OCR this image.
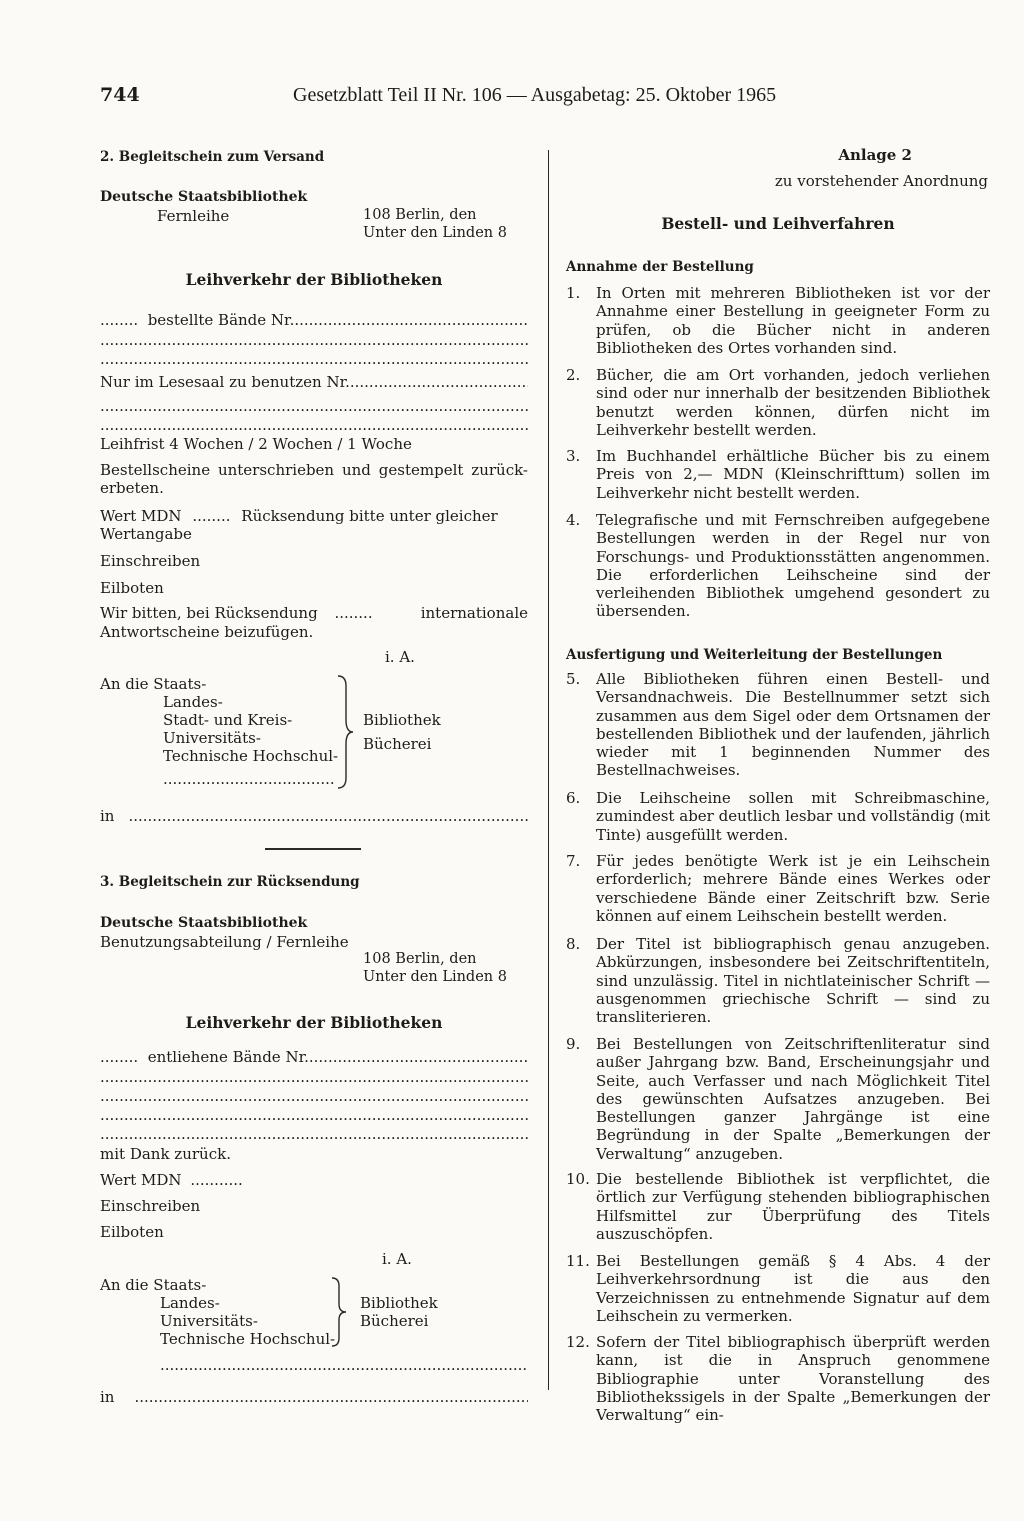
744	Gesetzblatt Teil II Nr. 106 — Ausgabetag: 25. Oktober 1965
2. Begleitschein zum Versand
Deutsche Staatsbibliothek
Fernleihe	108 Berlin, den
Unter den Linden 8
Leihverkehr der Bibliotheken
........
bestellte Bände Nr.
.....
.....
.....
Nur im Lesesaal zu benutzen Nr.
.....
.....
.....
Leihfrist 4 Wochen / 2 Wochen / 1 Woche
Bestellscheine unterschrieben und gestempelt zurück-erbeten.
Wert MDN ........ Rücksendung bitte unter gleicher Wertangabe
Einschreiben
Eilboten
Wir bitten, bei Rücksendung ........	internationale
Antwortscheine beizufügen.
i. A.
An die Staats-
Landes-
Stadt- und Kreis-
Universitäts-
Technische Hochschul-
.....
Bibliothek
Bücherei
in
.....
3. Begleitschein zur Rücksendung
Deutsche Staatsbibliothek
Benutzungsabteilung / Fernleihe
108 Berlin, den
Unter den Linden 8
Leihverkehr der Bibliotheken
........
entliehene Bände Nr.
.....
.....
.....
.....
.....
mit Dank zurück.
Wert MDN ...........
Einschreiben
Eilboten
i. A.
An die Staats-
Landes-
Universitäts-
Technische Hochschul-
Bibliothek
Bücherei
.....
in
.....
Anlage 2
zu vorstehender Anordnung
Bestell- und Leihverfahren
Annahme der Bestellung
1. In Orten mit mehreren Bibliotheken ist vor der Annahme einer Bestellung in geeigneter Form zu prüfen, ob die Bücher nicht in anderen Bibliotheken des Ortes vorhanden sind.
2. Bücher, die am Ort vorhanden, jedoch verliehen sind oder nur innerhalb der besitzenden Bibliothek benutzt werden können, dürfen nicht im Leihverkehr bestellt werden.
3. Im Buchhandel erhältliche Bücher bis zu einem Preis von 2,— MDN (Kleinschrifttum) sollen im Leihverkehr nicht bestellt werden.
4. Telegrafische und mit Fernschreiben aufgegebene Bestellungen werden in der Regel nur von Forschungs- und Produktionsstätten angenommen. Die erforderlichen Leihscheine sind der verleihenden Bibliothek umgehend gesondert zu übersenden.
Ausfertigung und Weiterleitung der Bestellungen
5. Alle Bibliotheken führen einen Bestell- und Versandnachweis. Die Bestellnummer setzt sich zusammen aus dem Sigel oder dem Ortsnamen der bestellenden Bibliothek und der laufenden, jährlich wieder mit 1 beginnenden Nummer des Bestellnachweises.
6. Die Leihscheine sollen mit Schreibmaschine, zumindest aber deutlich lesbar und vollständig (mit Tinte) ausgefüllt werden.
7. Für jedes benötigte Werk ist je ein Leihschein erforderlich; mehrere Bände eines Werkes oder verschiedene Bände einer Zeitschrift bzw. Serie können auf einem Leihschein bestellt werden.
8. Der Titel ist bibliographisch genau anzugeben. Abkürzungen, insbesondere bei Zeitschriftentiteln, sind unzulässig. Titel in nichtlateinischer Schrift — ausgenommen griechische Schrift — sind zu transliterieren.
9. Bei Bestellungen von Zeitschriftenliteratur sind außer Jahrgang bzw. Band, Erscheinungsjahr und Seite, auch Verfasser und nach Möglichkeit Titel des gewünschten Aufsatzes anzugeben. Bei Bestellungen ganzer Jahrgänge ist eine Begründung in der Spalte „Bemerkungen der Verwaltung“ anzugeben.
10. Die bestellende Bibliothek ist verpflichtet, die örtlich zur Verfügung stehenden bibliographischen Hilfsmittel zur Überprüfung des Titels auszuschöpfen.
11. Bei Bestellungen gemäß § 4 Abs. 4 der Leihverkehrsordnung ist die aus den Verzeichnissen zu entnehmende Signatur auf dem Leihschein zu vermerken.
12. Sofern der Titel bibliographisch überprüft werden kann, ist die in Anspruch genommene Bibliographie unter Voranstellung des Bibliothekssigels in der Spalte „Bemerkungen der Verwaltung“ ein-
